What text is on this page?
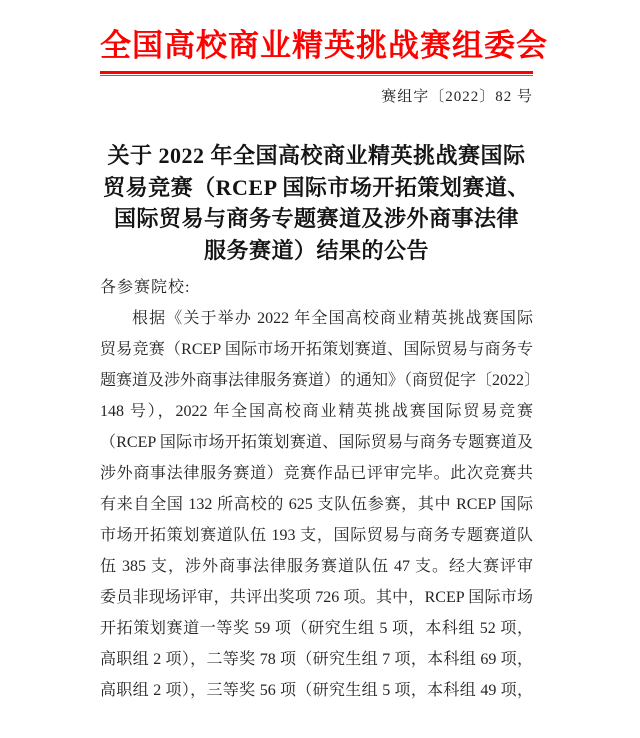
全国高校商业精英挑战赛组委会
赛组字〔2022〕82 号
关于 2022 年全国高校商业精英挑战赛国际
贸易竞赛（RCEP 国际市场开拓策划赛道、
国际贸易与商务专题赛道及涉外商事法律
服务赛道）结果的公告
各参赛院校:
根据《关于举办 2022 年全国高校商业精英挑战赛国际
贸易竞赛（RCEP 国际市场开拓策划赛道、国际贸易与商务专
题赛道及涉外商事法律服务赛道）的通知》（商贸促字〔2022〕
148 号），2022 年全国高校商业精英挑战赛国际贸易竞赛
（RCEP 国际市场开拓策划赛道、国际贸易与商务专题赛道及
涉外商事法律服务赛道）竞赛作品已评审完毕。此次竞赛共
有来自全国 132 所高校的 625 支队伍参赛，其中 RCEP 国际
市场开拓策划赛道队伍 193 支，国际贸易与商务专题赛道队
伍 385 支，涉外商事法律服务赛道队伍 47 支。经大赛评审
委员非现场评审，共评出奖项 726 项。其中，RCEP 国际市场
开拓策划赛道一等奖 59 项（研究生组 5 项，本科组 52 项，
高职组 2 项），二等奖 78 项（研究生组 7 项，本科组 69 项，
高职组 2 项），三等奖 56 项（研究生组 5 项，本科组 49 项，
